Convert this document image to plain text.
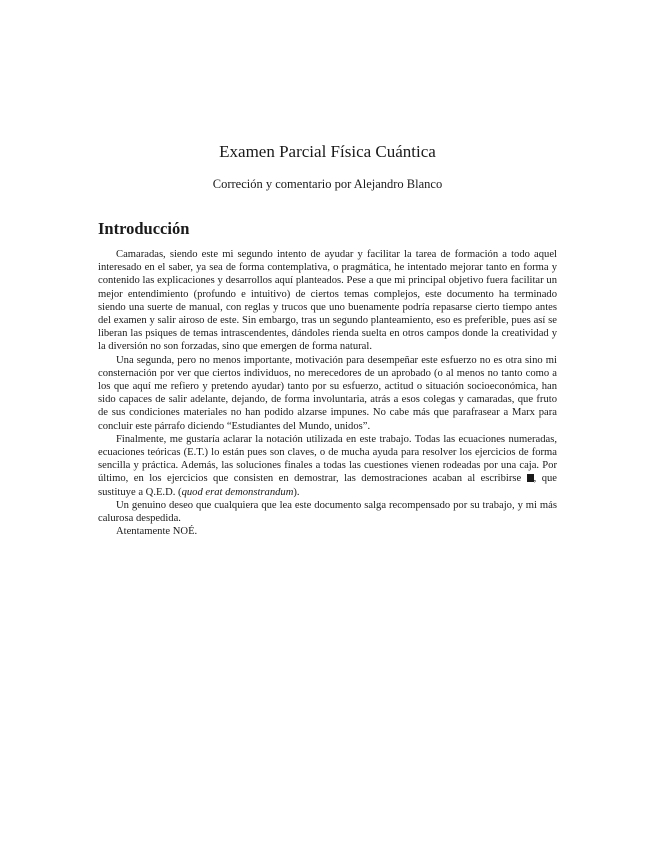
Examen Parcial Física Cuántica
Correción y comentario por Alejandro Blanco
Introducción

Camaradas, siendo este mi segundo intento de ayudar y facilitar la tarea de formación a todo aquel interesado en el saber, ya sea de forma contemplativa, o pragmática, he intentado mejorar tanto en forma y contenido las explicaciones y desarrollos aquí planteados. Pese a que mi principal objetivo fuera facilitar un mejor entendimiento (profundo e intuitivo) de ciertos temas complejos, este documento ha terminado siendo una suerte de manual, con reglas y trucos que uno buenamente podría repasarse cierto tiempo antes del examen y salir airoso de este. Sin embargo, tras un segundo planteamiento, eso es preferible, pues así se liberan las psiques de temas intrascendentes, dándoles rienda suelta en otros campos donde la creatividad y la diversión no son forzadas, sino que emergen de forma natural.

Una segunda, pero no menos importante, motivación para desempeñar este esfuerzo no es otra sino mi consternación por ver que ciertos individuos, no merecedores de un aprobado (o al menos no tanto como a los que aquí me refiero y pretendo ayudar) tanto por su esfuerzo, actitud o situación socioeconómica, han sido capaces de salir adelante, dejando, de forma involuntaria, atrás a esos colegas y camaradas, que fruto de sus condiciones materiales no han podido alzarse impunes. No cabe más que parafrasear a Marx para concluir este párrafo diciendo “Estudiantes del Mundo, unidos”.

Finalmente, me gustaría aclarar la notación utilizada en este trabajo. Todas las ecuaciones numeradas, ecuaciones teóricas (E.T.) lo están pues son claves, o de mucha ayuda para resolver los ejercicios de forma sencilla y práctica. Además, las soluciones finales a todas las cuestiones vienen rodeadas por una caja. Por último, en los ejercicios que consisten en demostrar, las demostraciones acaban al escribirse , que sustituye a Q.E.D. (quod erat demonstrandum).

Un genuino deseo que cualquiera que lea este documento salga recompensado por su trabajo, y mi más calurosa despedida.

Atentamente NOÉ.
